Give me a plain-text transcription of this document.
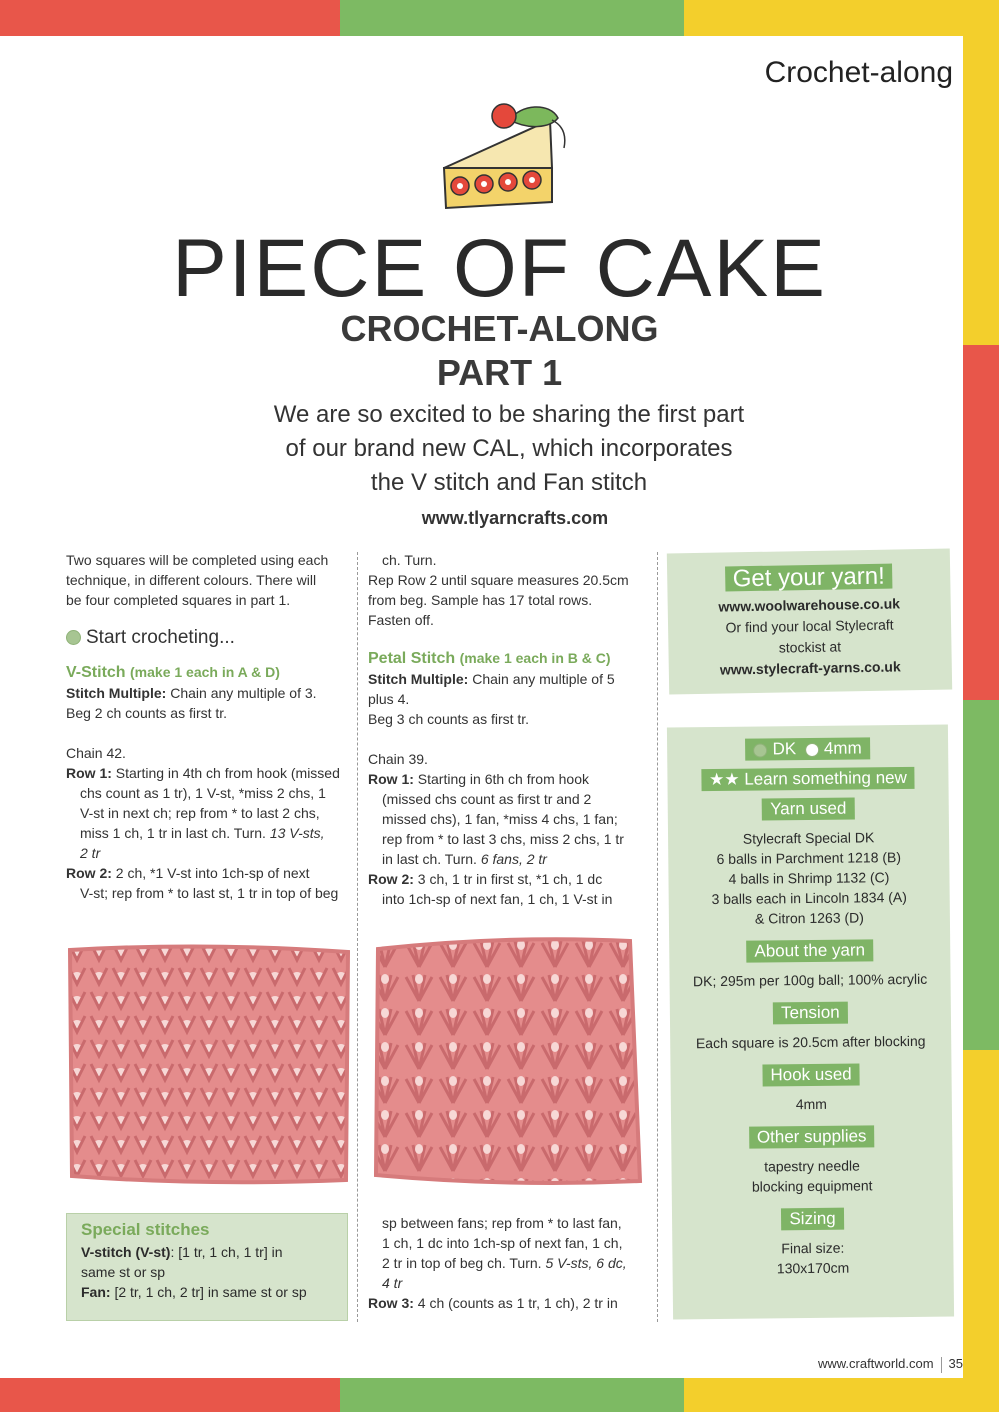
Crochet-along
PIECE OF CAKE
CROCHET-ALONG
PART 1
We are so excited to be sharing the first part
of our brand new CAL, which incorporates
the V stitch and Fan stitch
www.tlyarncrafts.com
Two squares will be completed using each
technique, in different colours. There will
be four completed squares in part 1.
Start crocheting...
V-Stitch (make 1 each in A & D)
Stitch Multiple: Chain any multiple of 3.
Beg 2 ch counts as first tr.
Chain 42.
Row 1: Starting in 4th ch from hook (missed
chs count as 1 tr), 1 V-st, *miss 2 chs, 1
V-st in next ch; rep from * to last 2 chs,
miss 1 ch, 1 tr in last ch. Turn. 13 V-sts,
2 tr
Row 2: 2 ch, *1 V-st into 1ch-sp of next
V-st; rep from * to last st, 1 tr in top of beg
Special stitches
V-stitch (V-st): [1 tr, 1 ch, 1 tr] in
same st or sp
Fan: [2 tr, 1 ch, 2 tr] in same st or sp
ch. Turn.
Rep Row 2 until square measures 20.5cm
from beg. Sample has 17 total rows.
Fasten off.
Petal Stitch (make 1 each in B & C)
Stitch Multiple: Chain any multiple of 5
plus 4.
Beg 3 ch counts as first tr.
Chain 39.
Row 1: Starting in 6th ch from hook
(missed chs count as first tr and 2
missed chs), 1 fan, *miss 4 chs, 1 fan;
rep from * to last 3 chs, miss 2 chs, 1 tr
in last ch. Turn. 6 fans, 2 tr
Row 2: 3 ch, 1 tr in first st, *1 ch, 1 dc
into 1ch-sp of next fan, 1 ch, 1 V-st in
sp between fans; rep from * to last fan,
1 ch, 1 dc into 1ch-sp of next fan, 1 ch,
2 tr in top of beg ch. Turn. 5 V-sts, 6 dc,
4 tr
Row 3: 4 ch (counts as 1 tr, 1 ch), 2 tr in
Get your yarn!
www.woolwarehouse.co.uk
Or find your local Stylecraft
stockist at
www.stylecraft-yarns.co.uk
DK 4mm
★★ Learn something new
Yarn used
Stylecraft Special DK
6 balls in Parchment 1218 (B)
4 balls in Shrimp 1132 (C)
3 balls each in Lincoln 1834 (A)
& Citron 1263 (D)
About the yarn
DK; 295m per 100g ball; 100% acrylic
Tension
Each square is 20.5cm after blocking
Hook used
4mm
Other supplies
tapestry needle
blocking equipment
Sizing
Final size:
130x170cm
www.craftworld.com 35
